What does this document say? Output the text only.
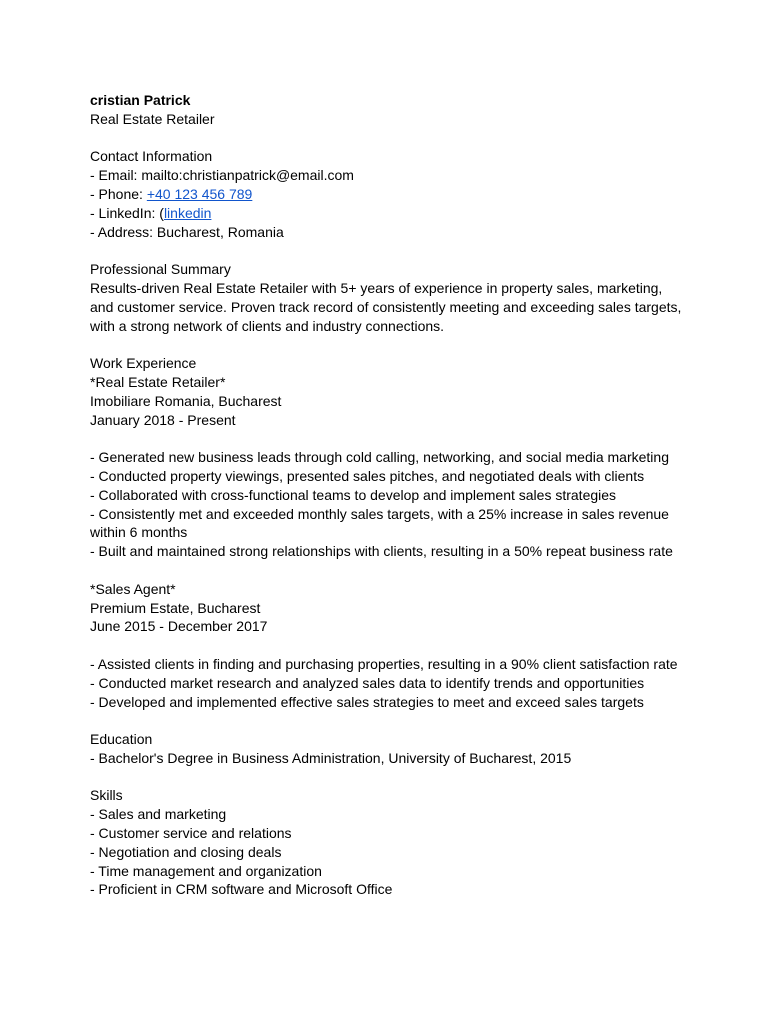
cristian Patrick
Real Estate Retailer
Contact Information
- Email: mailto:christianpatrick@email.com
- Phone: +40 123 456 789
- LinkedIn: (linkedin
- Address: Bucharest, Romania
Professional Summary
Results-driven Real Estate Retailer with 5+ years of experience in property sales, marketing,
and customer service. Proven track record of consistently meeting and exceeding sales targets,
with a strong network of clients and industry connections.
Work Experience
*Real Estate Retailer*
Imobiliare Romania, Bucharest
January 2018 - Present
- Generated new business leads through cold calling, networking, and social media marketing
- Conducted property viewings, presented sales pitches, and negotiated deals with clients
- Collaborated with cross-functional teams to develop and implement sales strategies
- Consistently met and exceeded monthly sales targets, with a 25% increase in sales revenue
within 6 months
- Built and maintained strong relationships with clients, resulting in a 50% repeat business rate
*Sales Agent*
Premium Estate, Bucharest
June 2015 - December 2017
- Assisted clients in finding and purchasing properties, resulting in a 90% client satisfaction rate
- Conducted market research and analyzed sales data to identify trends and opportunities
- Developed and implemented effective sales strategies to meet and exceed sales targets
Education
- Bachelor's Degree in Business Administration, University of Bucharest, 2015
Skills
- Sales and marketing
- Customer service and relations
- Negotiation and closing deals
- Time management and organization
- Proficient in CRM software and Microsoft Office
